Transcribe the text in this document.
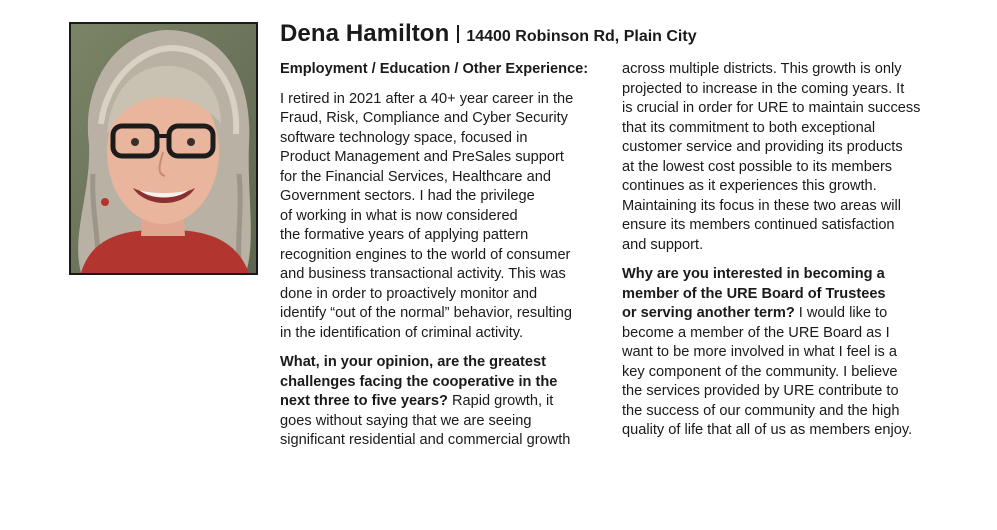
Dena Hamilton 14400 Robinson Rd, Plain City
Employment / Education / Other Experience:
I retired in 2021 after a 40+ year career in the
Fraud, Risk, Compliance and Cyber Security
software technology space, focused in
Product Management and PreSales support
for the Financial Services, Healthcare and
Government sectors. I had the privilege
of working in what is now considered
the formative years of applying pattern
recognition engines to the world of consumer
and business transactional activity. This was
done in order to proactively monitor and
identify “out of the normal” behavior, resulting
in the identification of criminal activity.
What, in your opinion, are the greatest
challenges facing the cooperative in the
next three to five years? Rapid growth, it
goes without saying that we are seeing
significant residential and commercial growth
across multiple districts. This growth is only
projected to increase in the coming years. It
is crucial in order for URE to maintain success
that its commitment to both exceptional
customer service and providing its products
at the lowest cost possible to its members
continues as it experiences this growth.
Maintaining its focus in these two areas will
ensure its members continued satisfaction
and support.
Why are you interested in becoming a
member of the URE Board of Trustees
or serving another term? I would like to
become a member of the URE Board as I
want to be more involved in what I feel is a
key component of the community. I believe
the services provided by URE contribute to
the success of our community and the high
quality of life that all of us as members enjoy.
